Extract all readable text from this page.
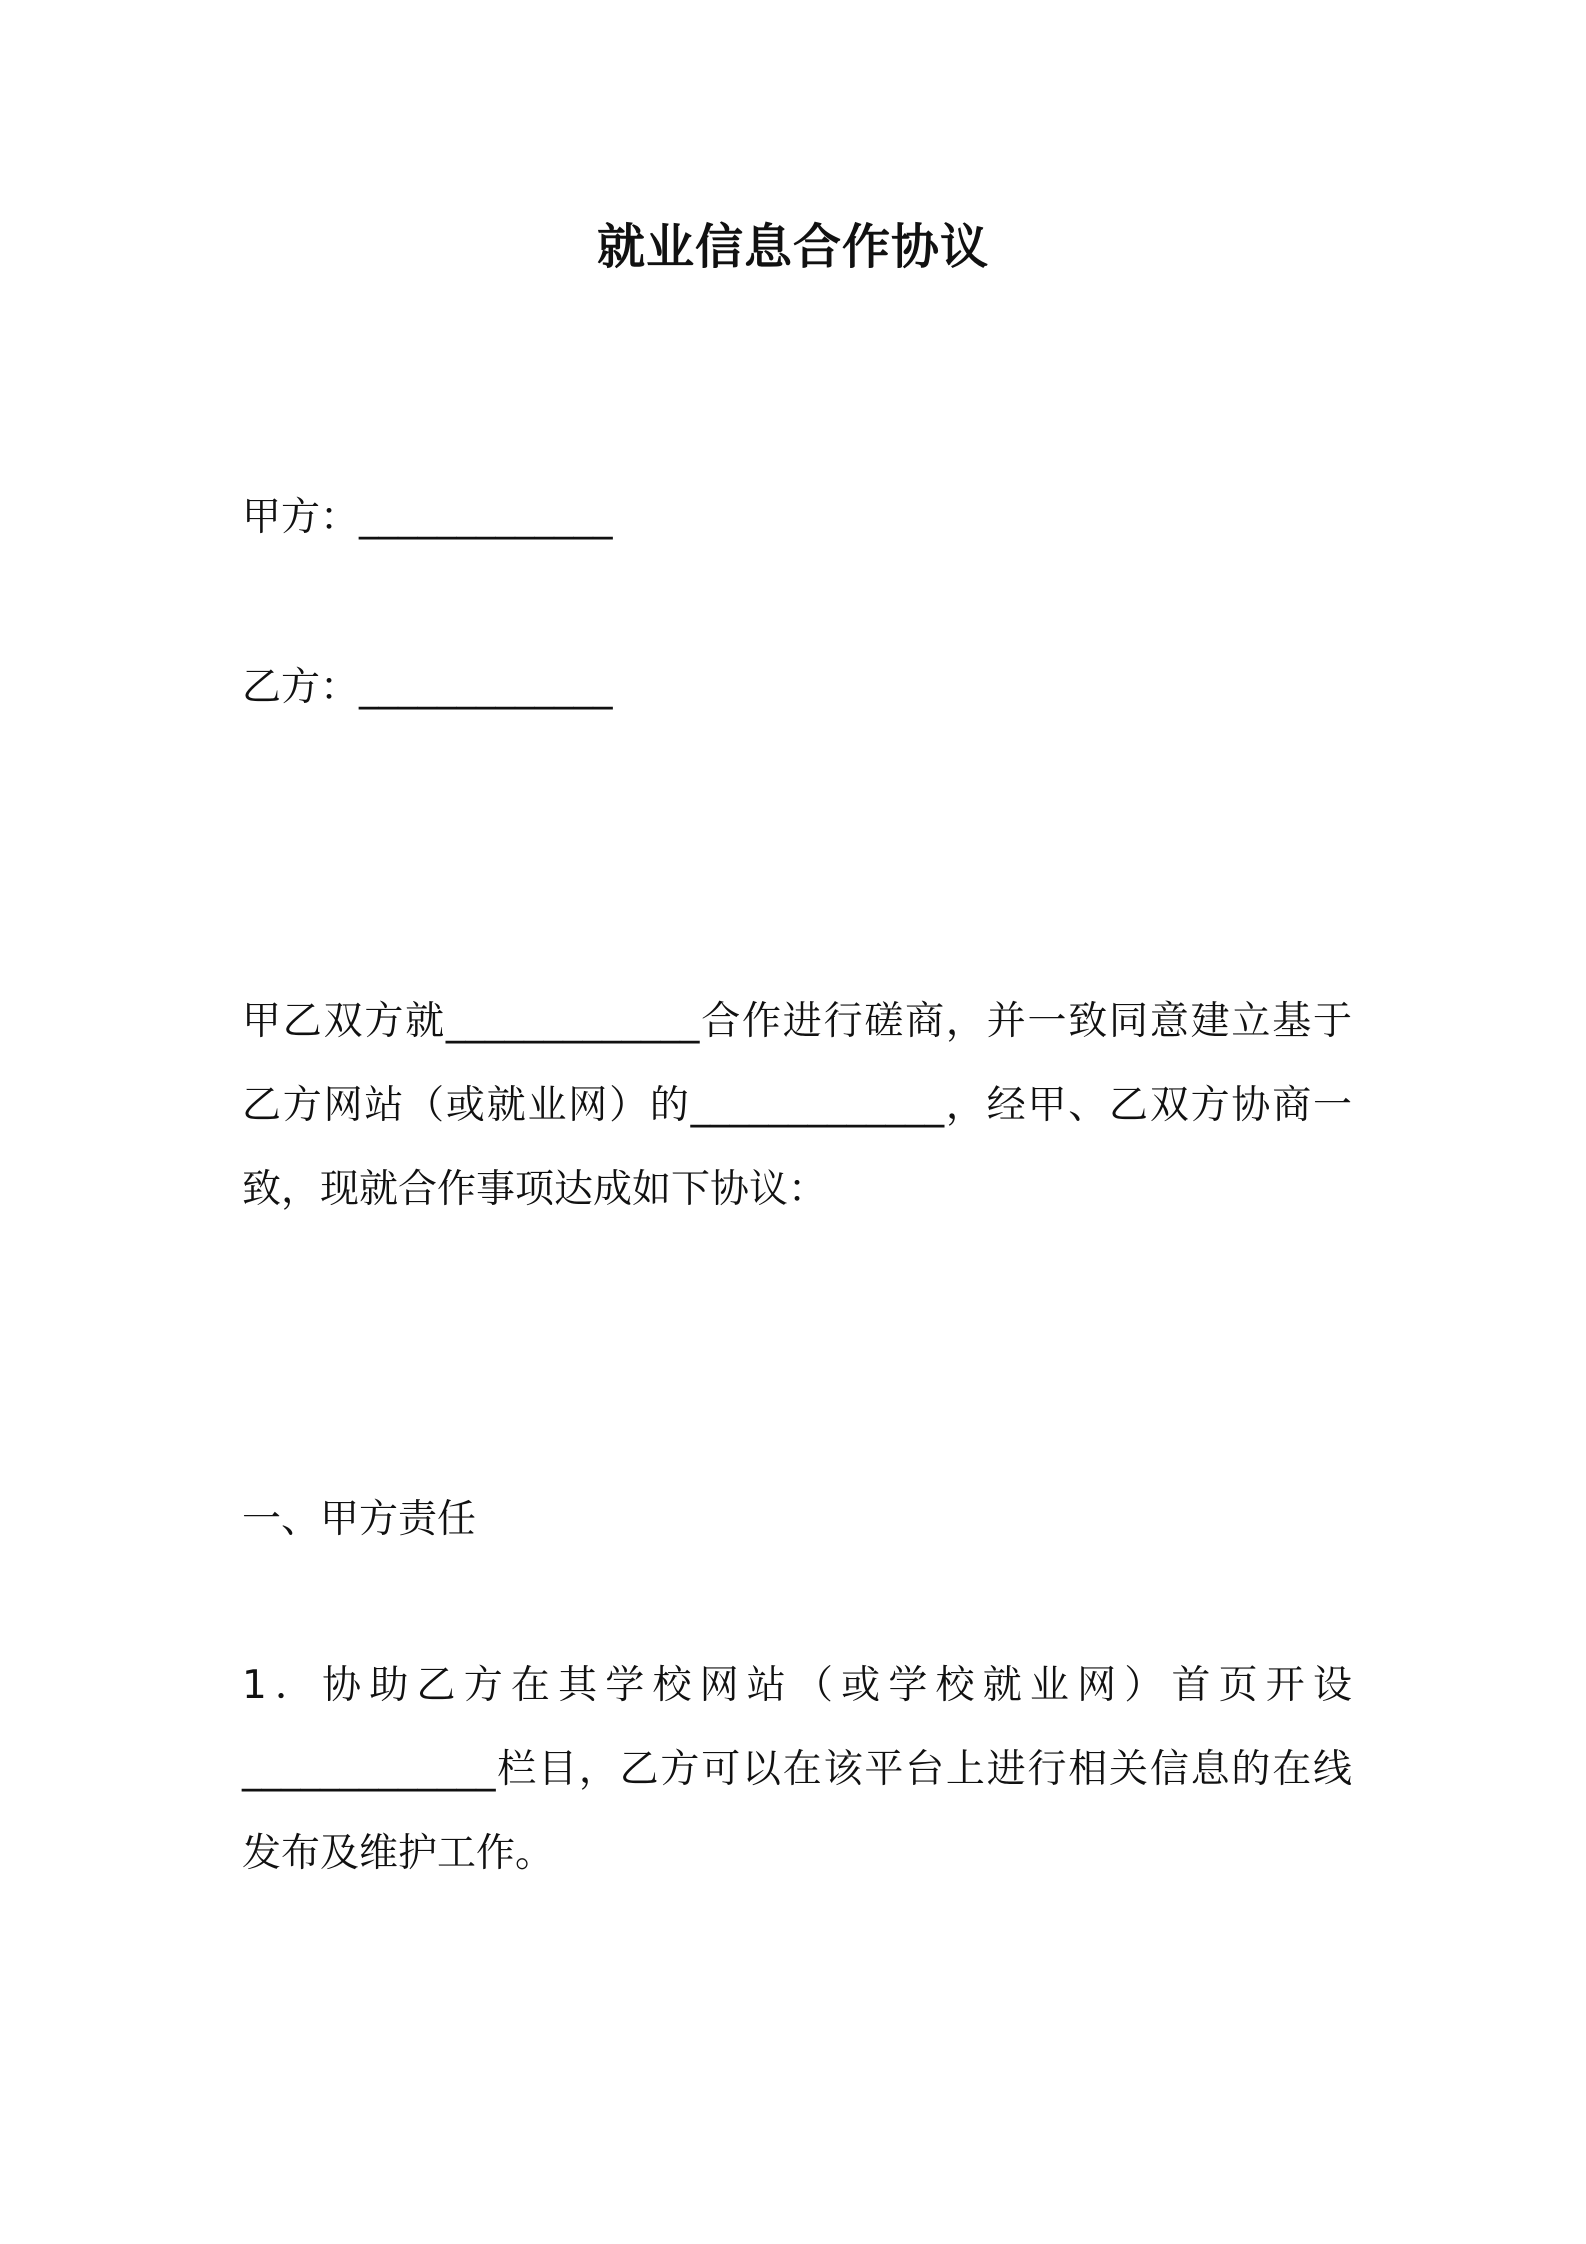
就业信息合作协议
甲方：_____________
乙方：_____________
甲乙双方就_____________合作进行磋商，并一致同意建立基于
乙方网站（或就业网）的_____________，经甲、乙双方协商一
致，现就合作事项达成如下协议：
一、甲方责任
1．协助乙方在其学校网站（或学校就业网）首页开设
_____________栏目，乙方可以在该平台上进行相关信息的在线
发布及维护工作。
